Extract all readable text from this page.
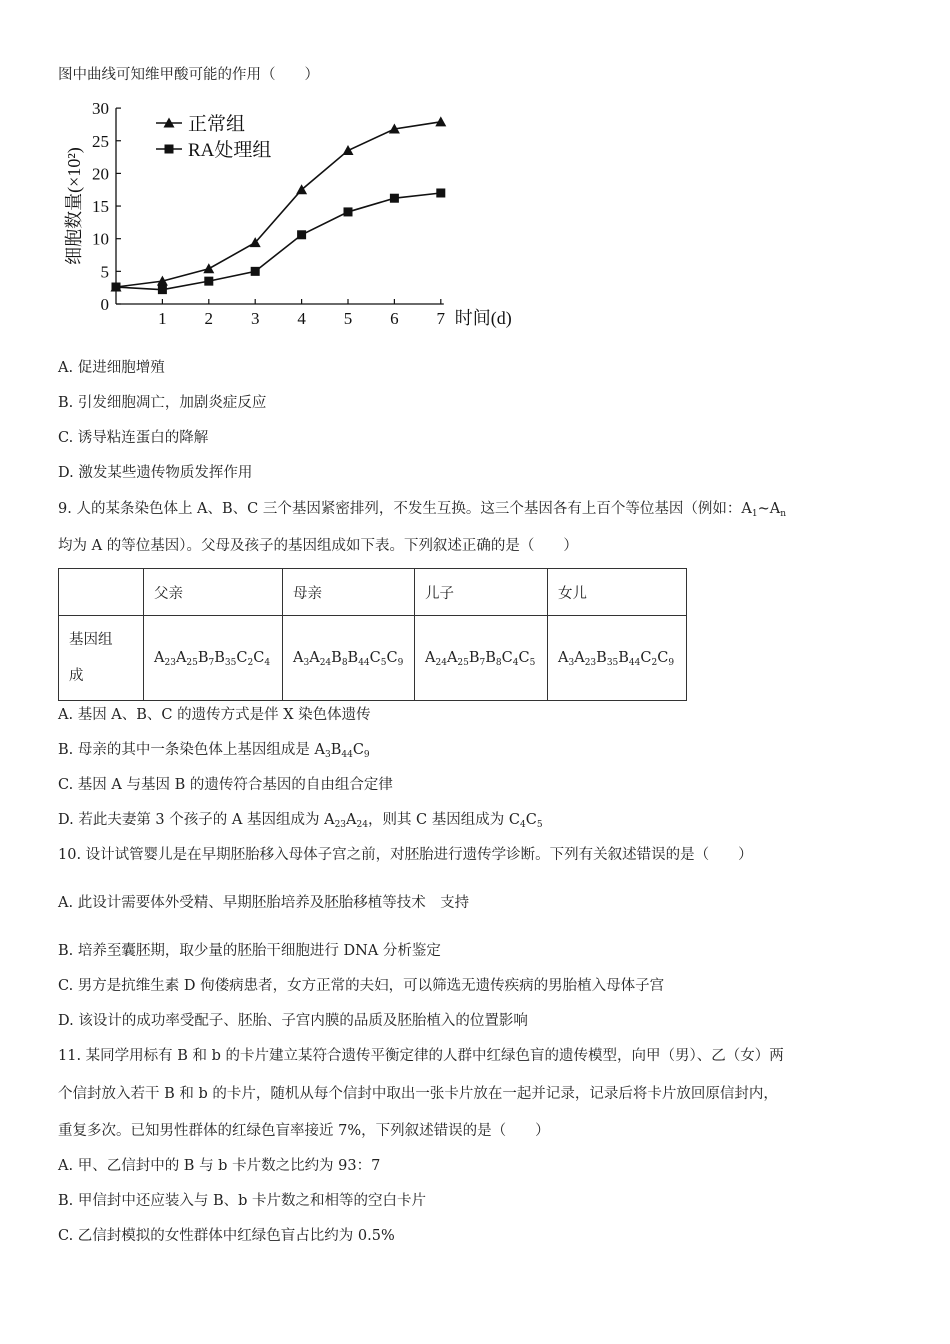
图中曲线可知维甲酸可能的作用（　　）
5
10
15
20
25
30
0
1 2 3 4 5 6 7 时间(d)
细胞数量(×10²)
正常组
RA处理组
A. 促进细胞增殖
B. 引发细胞凋亡，加剧炎症反应
C. 诱导粘连蛋白的降解
D. 激发某些遗传物质发挥作用
9. 人的某条染色体上 A、B、C 三个基因紧密排列，不发生互换。这三个基因各有上百个等位基因（例如：$A_1\sim A_n$
均为 A 的等位基因）。父母及孩子的基因组成如下表。下列叙述正确的是（　　）
	父亲	母亲	儿子	女儿
基因组
成	$A_{23}A_{25}B_7B_{35}C_2C_4$	$A_3A_{24}B_8B_{44}C_5C_9$	$A_{24}A_{25}B_7B_8C_4C_5$	$A_3A_{23}B_{35}B_{44}C_2C_9$
A. 基因 A、B、C 的遗传方式是伴 X 染色体遗传
B. 母亲的其中一条染色体上基因组成是 $A_3B_{44}C_9$
C. 基因 A 与基因 B 的遗传符合基因的自由组合定律
D. 若此夫妻第 3 个孩子的 A 基因组成为 $A_{23}A_{24}$，则其 C 基因组成为 $C_4C_5$
10. 设计试管婴儿是在早期胚胎移入母体子宫之前，对胚胎进行遗传学诊断。下列有关叙述错误的是（　　）
A. 此设计需要体外受精、早期胚胎培养及胚胎移植等技术　支持
B. 培养至囊胚期，取少量的胚胎干细胞进行 DNA 分析鉴定
C. 男方是抗维生素 D 佝偻病患者，女方正常的夫妇，可以筛选无遗传疾病的男胎植入母体子宫
D. 该设计的成功率受配子、胚胎、子宫内膜的品质及胚胎植入的位置影响
11. 某同学用标有 B 和 b 的卡片建立某符合遗传平衡定律的人群中红绿色盲的遗传模型，向甲（男）、乙（女）两
个信封放入若干 B 和 b 的卡片，随机从每个信封中取出一张卡片放在一起并记录，记录后将卡片放回原信封内，
重复多次。已知男性群体的红绿色盲率接近 7%，下列叙述错误的是（　　）
A. 甲、乙信封中的 B 与 b 卡片数之比约为 93：7
B. 甲信封中还应装入与 B、b 卡片数之和相等的空白卡片
C. 乙信封模拟的女性群体中红绿色盲占比约为 0.5%
